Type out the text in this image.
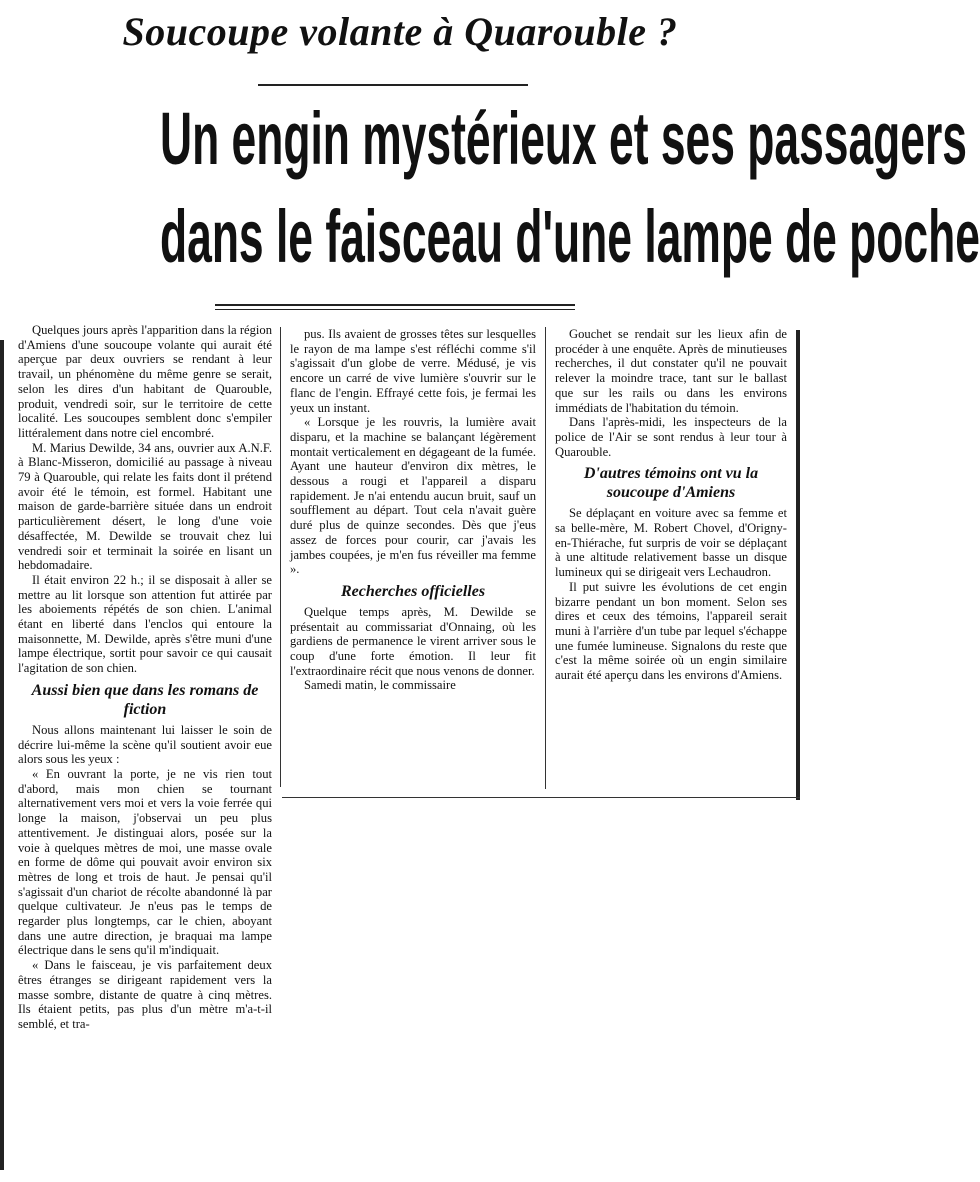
Soucoupe volante à Quarouble ?
Un engin mystérieux et ses passagers
dans le faisceau d'une lampe de poche

Quelques jours après l'apparition dans la région d'Amiens d'une soucoupe volante qui aurait été aperçue par deux ouvriers se rendant à leur travail, un phénomène du même genre se serait, selon les dires d'un habitant de Quarouble, produit, vendredi soir, sur le territoire de cette localité. Les soucoupes semblent donc s'empiler littéralement dans notre ciel encombré.

M. Marius Dewilde, 34 ans, ouvrier aux A.N.F. à Blanc-Misseron, domicilié au passage à niveau 79 à Quarouble, qui relate les faits dont il prétend avoir été le témoin, est formel. Habitant une maison de garde-barrière située dans un endroit particulièrement désert, le long d'une voie désaffectée, M. Dewilde se trouvait chez lui vendredi soir et terminait la soirée en lisant un hebdomadaire.

Il était environ 22 h.; il se disposait à aller se mettre au lit lorsque son attention fut attirée par les aboiements répétés de son chien. L'animal étant en liberté dans l'enclos qui entoure la maisonnette, M. Dewilde, après s'être muni d'une lampe électrique, sortit pour savoir ce qui causait l'agitation de son chien.

Aussi bien que dans les romans de fiction

Nous allons maintenant lui laisser le soin de décrire lui-même la scène qu'il soutient avoir eue alors sous les yeux :

« En ouvrant la porte, je ne vis rien tout d'abord, mais mon chien se tournant alternativement vers moi et vers la voie ferrée qui longe la maison, j'observai un peu plus attentivement. Je distinguai alors, posée sur la voie à quelques mètres de moi, une masse ovale en forme de dôme qui pouvait avoir environ six mètres de long et trois de haut. Je pensai qu'il s'agissait d'un chariot de récolte abandonné là par quelque cultivateur. Je n'eus pas le temps de regarder plus longtemps, car le chien, aboyant dans une autre direction, je braquai ma lampe électrique dans le sens qu'il m'indiquait.

« Dans le faisceau, je vis parfaitement deux êtres étranges se dirigeant rapidement vers la masse sombre, distante de quatre à cinq mètres. Ils étaient petits, pas plus d'un mètre m'a-t-il semblé, et tra-

pus. Ils avaient de grosses têtes sur lesquelles le rayon de ma lampe s'est réfléchi comme s'il s'agissait d'un globe de verre. Médusé, je vis encore un carré de vive lumière s'ouvrir sur le flanc de l'engin. Effrayé cette fois, je fermai les yeux un instant.

« Lorsque je les rouvris, la lumière avait disparu, et la machine se balançant légèrement montait verticalement en dégageant de la fumée. Ayant une hauteur d'environ dix mètres, le dessous a rougi et l'appareil a disparu rapidement. Je n'ai entendu aucun bruit, sauf un soufflement au départ. Tout cela n'avait guère duré plus de quinze secondes. Dès que j'eus assez de forces pour courir, car j'avais les jambes coupées, je m'en fus réveiller ma femme ».

Recherches officielles

Quelque temps après, M. Dewilde se présentait au commissariat d'Onnaing, où les gardiens de permanence le virent arriver sous le coup d'une forte émotion. Il leur fit l'extraordinaire récit que nous venons de donner.

Samedi matin, le commissaire

Gouchet se rendait sur les lieux afin de procéder à une enquête. Après de minutieuses recherches, il dut constater qu'il ne pouvait relever la moindre trace, tant sur le ballast que sur les rails ou dans les environs immédiats de l'habitation du témoin.

Dans l'après-midi, les inspecteurs de la police de l'Air se sont rendus à leur tour à Quarouble.

D'autres témoins ont vu la soucoupe d'Amiens

Se déplaçant en voiture avec sa femme et sa belle-mère, M. Robert Chovel, d'Origny-en-Thiérache, fut surpris de voir se déplaçant à une altitude relativement basse un disque lumineux qui se dirigeait vers Lechaudron.

Il put suivre les évolutions de cet engin bizarre pendant un bon moment. Selon ses dires et ceux des témoins, l'appareil serait muni à l'arrière d'un tube par lequel s'échappe une fumée lumineuse. Signalons du reste que c'est la même soirée où un engin similaire aurait été aperçu dans les environs d'Amiens.
